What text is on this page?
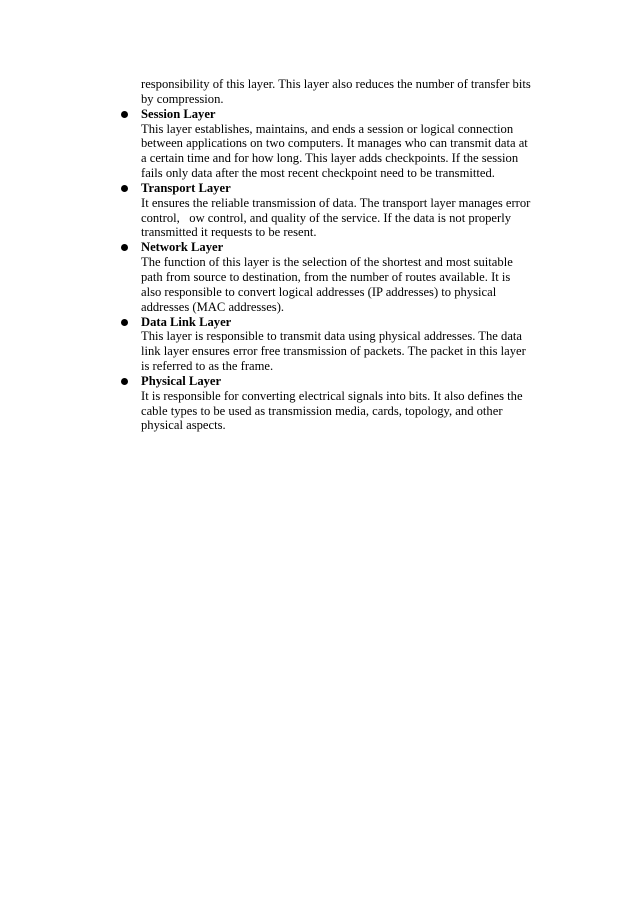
responsibility of this layer. This layer also reduces the number of transfer bits
by compression.
Session Layer
This layer establishes, maintains, and ends a session or logical connection
between applications on two computers. It manages who can transmit data at
a certain time and for how long. This layer adds checkpoints. If the session
fails only data after the most recent checkpoint need to be transmitted.
Transport Layer
It ensures the reliable transmission of data. The transport layer manages error
control,   ow control, and quality of the service. If the data is not properly
transmitted it requests to be resent.
Network Layer
The function of this layer is the selection of the shortest and most suitable
path from source to destination, from the number of routes available. It is
also responsible to convert logical addresses (IP addresses) to physical
addresses (MAC addresses).
Data Link Layer
This layer is responsible to transmit data using physical addresses. The data
link layer ensures error free transmission of packets. The packet in this layer
is referred to as the frame.
Physical Layer
It is responsible for converting electrical signals into bits. It also defines the
cable types to be used as transmission media, cards, topology, and other
physical aspects.
